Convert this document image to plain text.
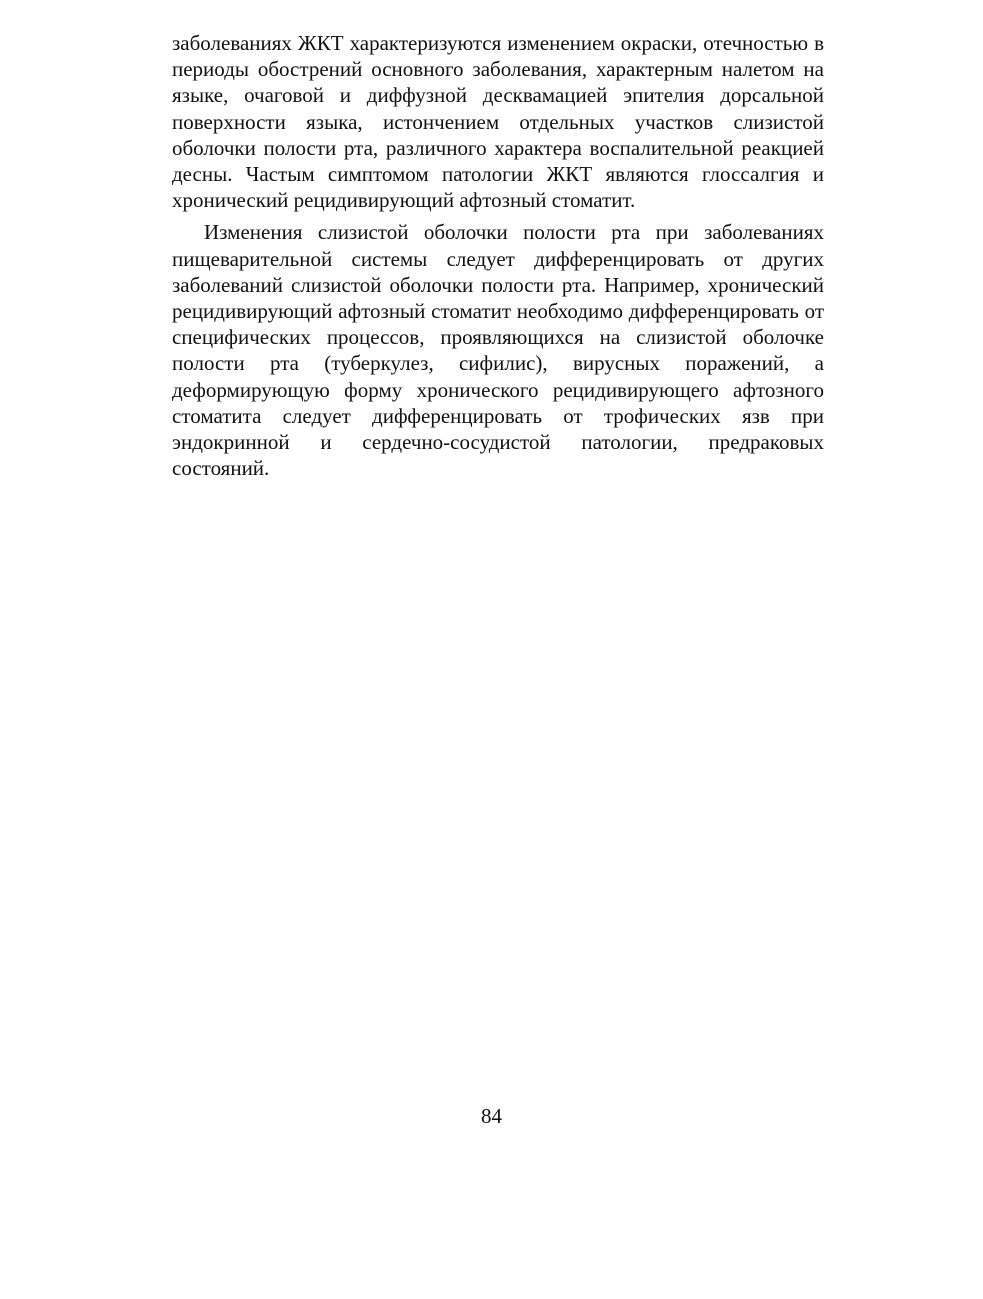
заболеваниях ЖКТ характеризуются изменением окраски, отечностью в периоды обострений основного заболевания, характерным налетом на языке, очаговой и диффузной десквамацией эпителия дорсальной поверхности языка, истончением отдельных участков слизистой оболочки полости рта, различного характера воспалительной реакцией десны. Частым симптомом патологии ЖКТ являются глоссалгия и хронический рецидивирующий афтозный стоматит.

Изменения слизистой оболочки полости рта при заболеваниях пищеварительной системы следует дифференцировать от других заболеваний слизистой оболочки полости рта. Например, хронический рецидивирующий афтозный стоматит необходимо дифференцировать от специфических процессов, проявляющихся на слизистой оболочке полости рта (туберкулез, сифилис), вирусных поражений, а деформирующую форму хронического рецидивирующего афтозного стоматита следует дифференцировать от трофических язв при эндокринной и сердечно-сосудистой патологии, предраковых состояний.

84
